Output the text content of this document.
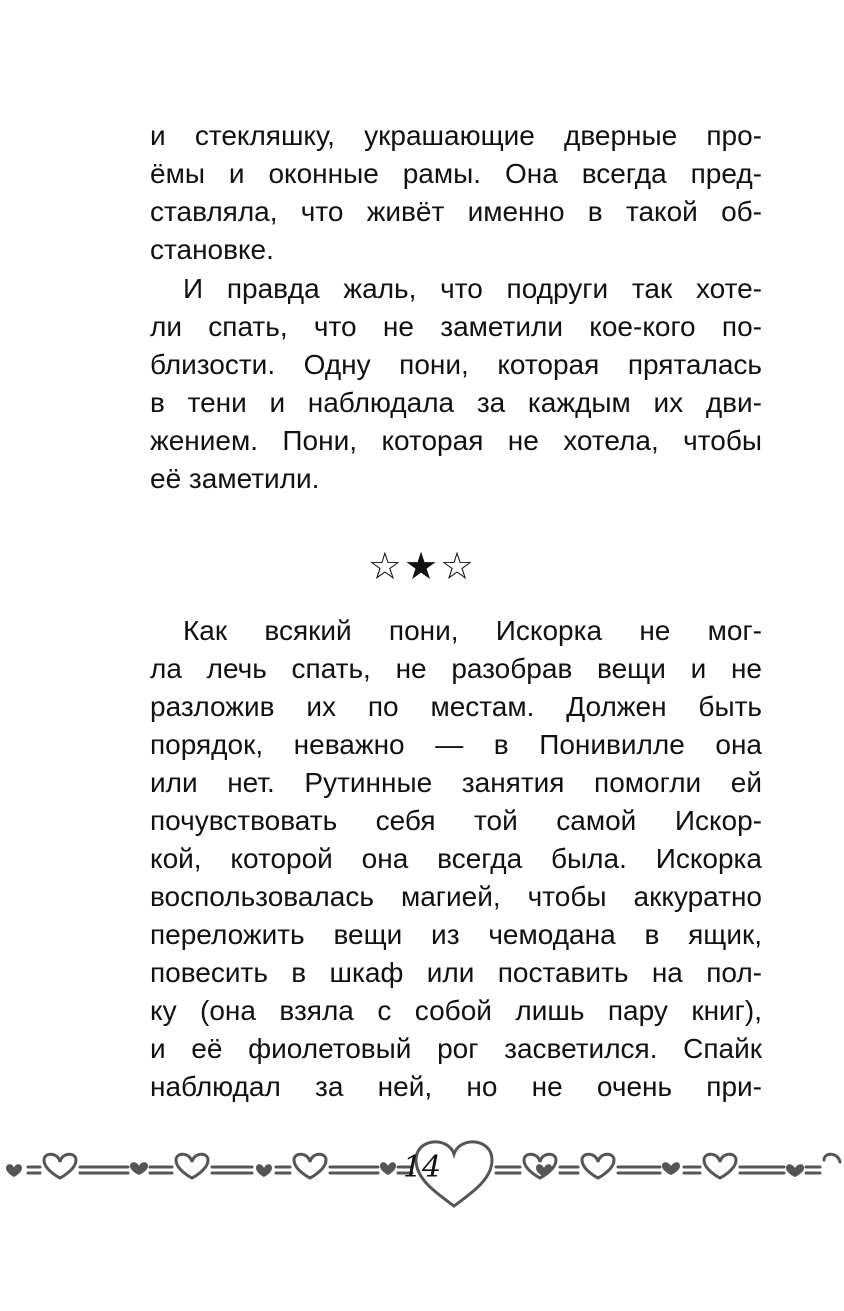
и стекляшку, украшающие дверные про-
ёмы и оконные рамы. Она всегда пред-
ставляла, что живёт именно в такой об-
становке.
И правда жаль, что подруги так хоте-
ли спать, что не заметили кое-кого по-
близости. Одну пони, которая пряталась
в тени и наблюдала за каждым их дви-
жением. Пони, которая не хотела, чтобы
её заметили.
☆★☆
Как всякий пони, Искорка не мог-
ла лечь спать, не разобрав вещи и не
разложив их по местам. Должен быть
порядок, неважно — в Понивилле она
или нет. Рутинные занятия помогли ей
почувствовать себя той самой Искор-
кой, которой она всегда была. Искорка
воспользовалась магией, чтобы аккуратно
переложить вещи из чемодана в ящик,
повесить в шкаф или поставить на пол-
ку (она взяла с собой лишь пару книг),
и её фиолетовый рог засветился. Спайк
наблюдал за ней, но не очень при-
14
